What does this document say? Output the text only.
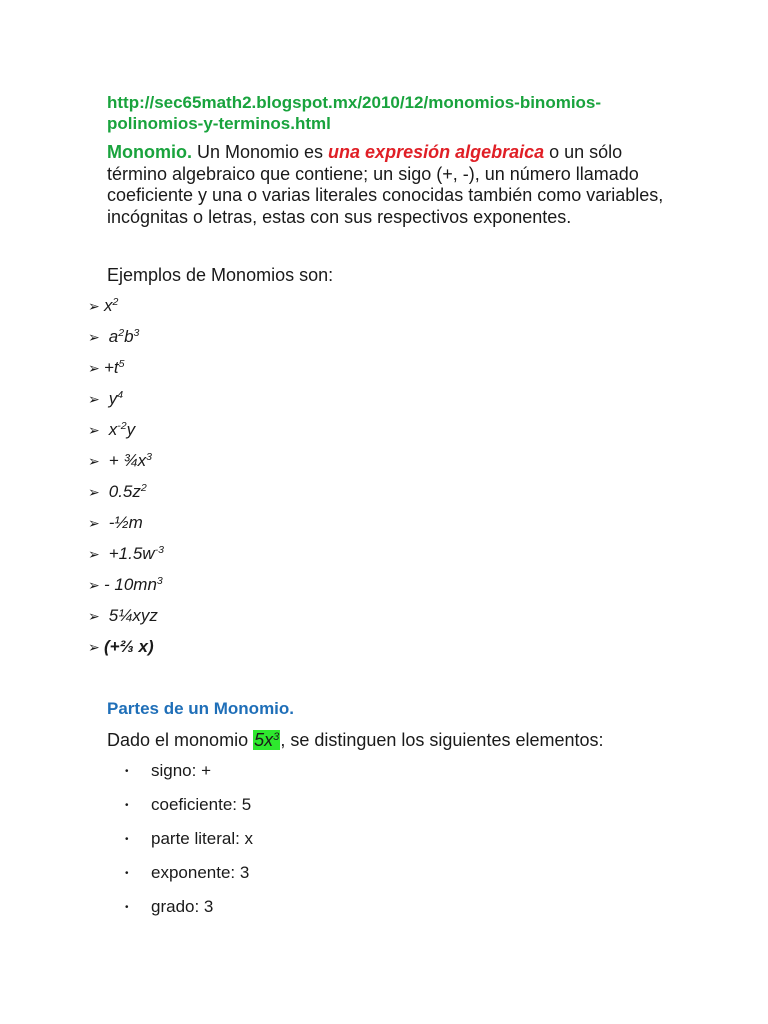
http://sec65math2.blogspot.mx/2010/12/monomios-binomios-polinomios-y-terminos.html

Monomio. Un Monomio es una expresión algebraica o un sólo término algebraico que contiene; un sigo (+, -), un número llamado coeficiente y una o varias literales conocidas también como variables, incógnitas o letras, estas con sus respectivos exponentes.

Ejemplos de Monomios son:
➢ $x^2$
➢ $a^2b^3$
➢ $+t^5$
➢ $y^4$
➢ $x^{-2}y$
➢ + $\frac{3}{4}x^3$
➢ $0.5z^2$
➢ -½m
➢ $+1.5w^{-3}$
➢ - $10mn^3$
➢ 5¼xyz
➢ (+⅔ x)
Partes de un Monomio.
Dado el monomio $5x^3$, se distinguen los siguientes elementos:
• signo: +
• coeficiente: 5
• parte literal: x
• exponente: 3
• grado: 3
